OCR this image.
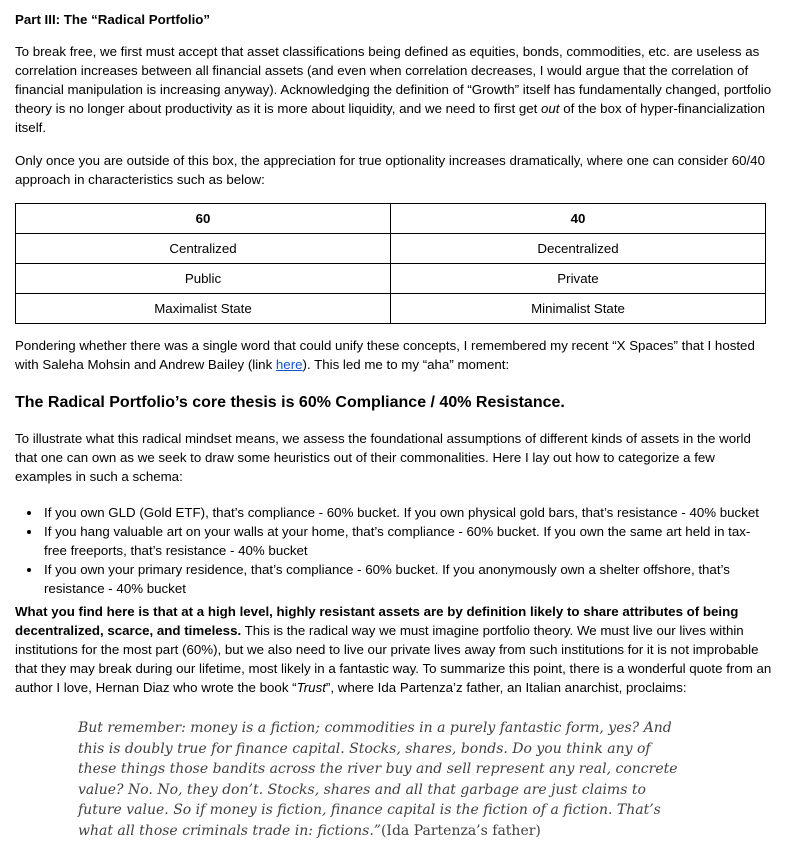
Part III: The “Radical Portfolio”

To break free, we first must accept that asset classifications being defined as equities, bonds, commodities, etc. are useless as correlation increases between all financial assets (and even when correlation decreases, I would argue that the correlation of financial manipulation is increasing anyway). Acknowledging the definition of “Growth” itself has fundamentally changed, portfolio theory is no longer about productivity as it is more about liquidity, and we need to first get out of the box of hyper-financialization itself.

Only once you are outside of this box, the appreciation for true optionality increases dramatically, where one can consider 60/40 approach in characteristics such as below:

60	40
Centralized	Decentralized
Public	Private
Maximalist State	Minimalist State

Pondering whether there was a single word that could unify these concepts, I remembered my recent “X Spaces” that I hosted with Saleha Mohsin and Andrew Bailey (link here). This led me to my “aha” moment:

The Radical Portfolio’s core thesis is 60% Compliance / 40% Resistance.

To illustrate what this radical mindset means, we assess the foundational assumptions of different kinds of assets in the world that one can own as we seek to draw some heuristics out of their commonalities. Here I lay out how to categorize a few examples in such a schema:

• If you own GLD (Gold ETF), that’s compliance - 60% bucket. If you own physical gold bars, that’s resistance - 40% bucket
• If you hang valuable art on your walls at your home, that’s compliance - 60% bucket. If you own the same art held in tax-free freeports, that’s resistance - 40% bucket
• If you own your primary residence, that’s compliance - 60% bucket. If you anonymously own a shelter offshore, that’s resistance - 40% bucket

What you find here is that at a high level, highly resistant assets are by definition likely to share attributes of being decentralized, scarce, and timeless. This is the radical way we must imagine portfolio theory. We must live our lives within institutions for the most part (60%), but we also need to live our private lives away from such institutions for it is not improbable that they may break during our lifetime, most likely in a fantastic way. To summarize this point, there is a wonderful quote from an author I love, Hernan Diaz who wrote the book “Trust”, where Ida Partenza’z father, an Italian anarchist, proclaims:

But remember: money is a fiction; commodities in a purely fantastic form, yes? And this is doubly true for finance capital. Stocks, shares, bonds. Do you think any of these things those bandits across the river buy and sell represent any real, concrete value? No. No, they don’t. Stocks, shares and all that garbage are just claims to future value. So if money is fiction, finance capital is the fiction of a fiction. That’s what all those criminals trade in: fictions.”(Ida Partenza’s father)
